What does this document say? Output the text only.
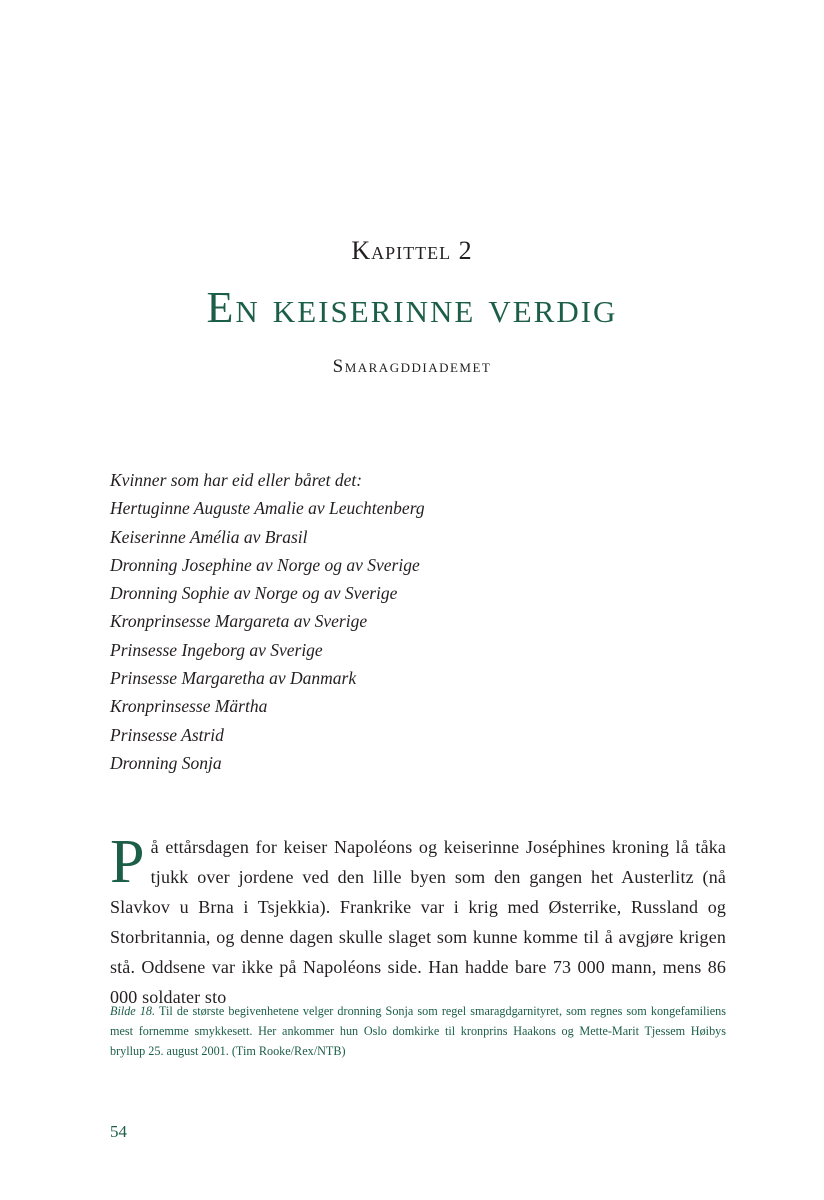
Kapittel 2
En keiserinne verdig
Smaragddiademet
Kvinner som har eid eller båret det:
Hertuginne Auguste Amalie av Leuchtenberg
Keiserinne Amélia av Brasil
Dronning Josephine av Norge og av Sverige
Dronning Sophie av Norge og av Sverige
Kronprinsesse Margareta av Sverige
Prinsesse Ingeborg av Sverige
Prinsesse Margaretha av Danmark
Kronprinsesse Märtha
Prinsesse Astrid
Dronning Sonja

På ettårsdagen for keiser Napoléons og keiserinne Joséphines kroning lå tåka tjukk over jordene ved den lille byen som den gangen het Austerlitz (nå Slavkov u Brna i Tsjekkia). Frankrike var i krig med Østerrike, Russland og Storbritannia, og denne dagen skulle slaget som kunne komme til å avgjøre krigen stå. Oddsene var ikke på Napoléons side. Han hadde bare 73 000 mann, mens 86 000 soldater sto

Bilde 18. Til de største begivenhetene velger dronning Sonja som regel smaragdgarnityret, som regnes som kongefamiliens mest fornemme smykkesett. Her ankommer hun Oslo domkirke til kronprins Haakons og Mette-Marit Tjessem Høibys bryllup 25. august 2001. (Tim Rooke/Rex/NTB)

54
